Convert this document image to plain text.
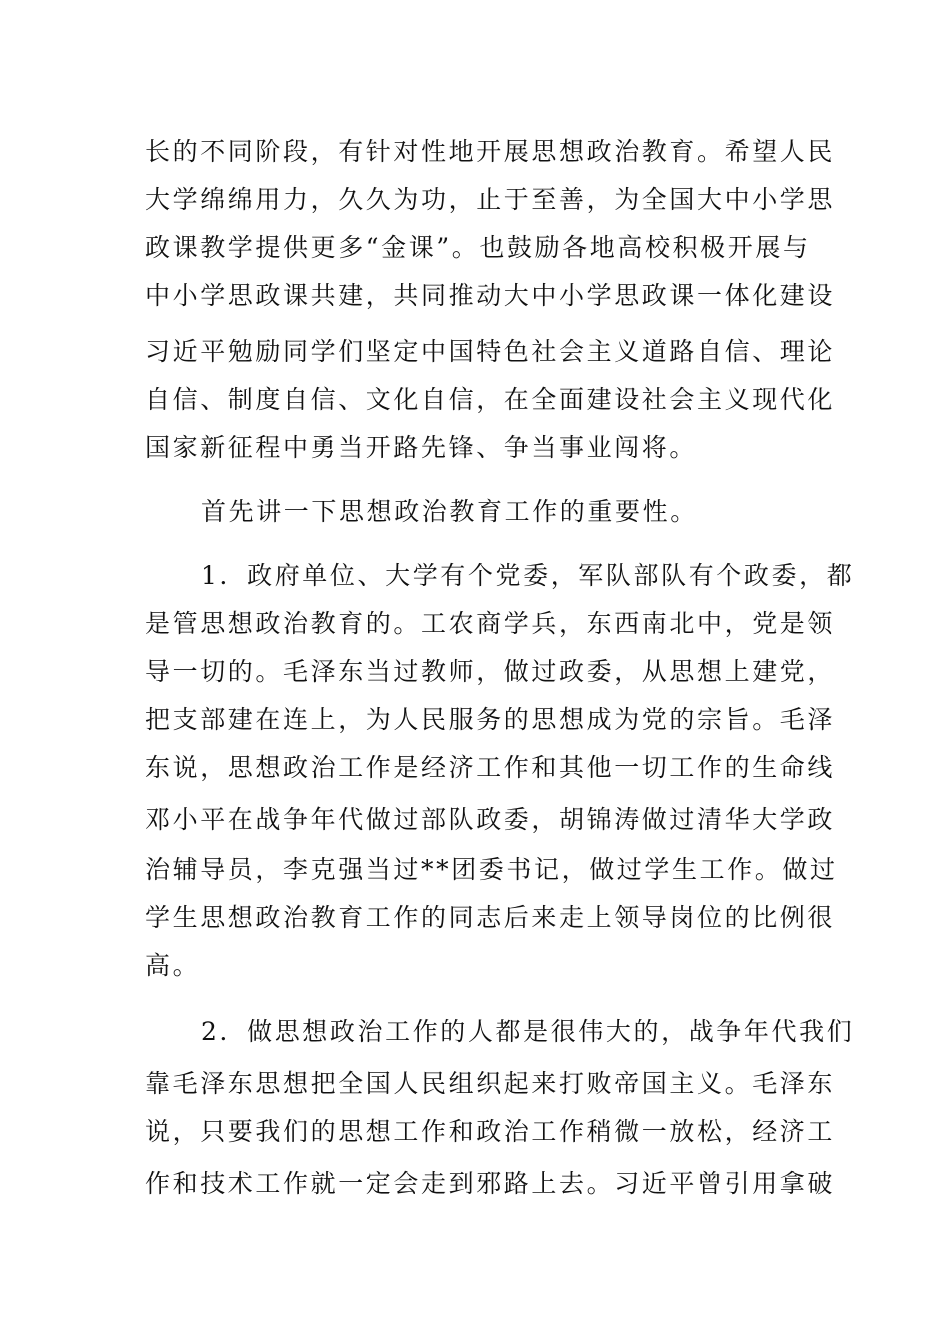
长的不同阶段，有针对性地开展思想政治教育。希望人民
大学绵绵用力，久久为功，止于至善，为全国大中小学思
政课教学提供更多“金课”。也鼓励各地高校积极开展与
中小学思政课共建，共同推动大中小学思政课一体化建设
习近平勉励同学们坚定中国特色社会主义道路自信、理论
自信、制度自信、文化自信，在全面建设社会主义现代化
国家新征程中勇当开路先锋、争当事业闯将。
首先讲一下思想政治教育工作的重要性。
1．政府单位、大学有个党委，军队部队有个政委，都
是管思想政治教育的。工农商学兵，东西南北中，党是领
导一切的。毛泽东当过教师，做过政委，从思想上建党，
把支部建在连上，为人民服务的思想成为党的宗旨。毛泽
东说，思想政治工作是经济工作和其他一切工作的生命线
邓小平在战争年代做过部队政委，胡锦涛做过清华大学政
治辅导员，李克强当过**团委书记，做过学生工作。做过
学生思想政治教育工作的同志后来走上领导岗位的比例很
高。
2．做思想政治工作的人都是很伟大的，战争年代我们
靠毛泽东思想把全国人民组织起来打败帝国主义。毛泽东
说，只要我们的思想工作和政治工作稍微一放松，经济工
作和技术工作就一定会走到邪路上去。习近平曾引用拿破
